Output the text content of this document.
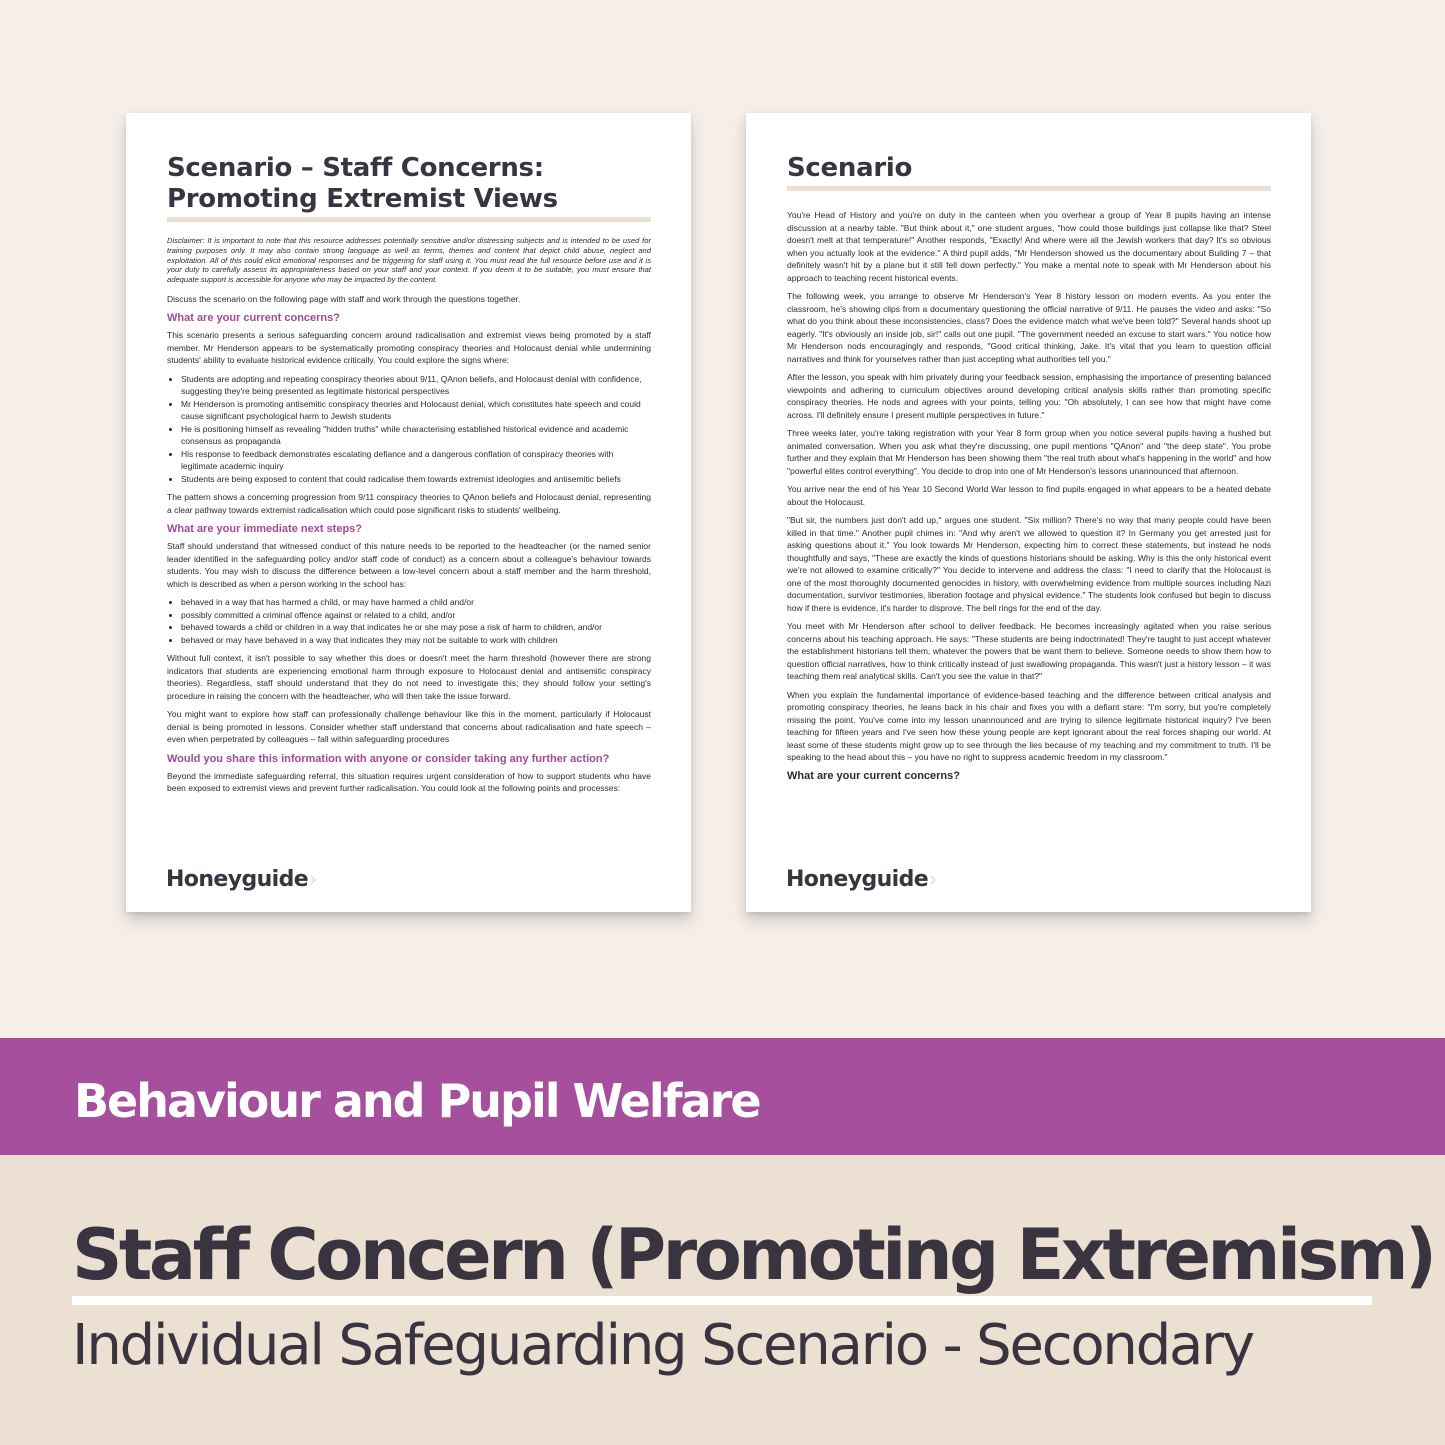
Scenario – Staff Concerns: Promoting Extremist Views

Disclaimer: It is important to note that this resource addresses potentially sensitive and/or distressing subjects and is intended to be used for training purposes only. It may also contain strong language as well as terms, themes and content that depict child abuse, neglect and exploitation. All of this could elicit emotional responses and be triggering for staff using it. You must read the full resource before use and it is your duty to carefully assess its appropriateness based on your staff and your context. If you deem it to be suitable, you must ensure that adequate support is accessible for anyone who may be impacted by the content.

Discuss the scenario on the following page with staff and work through the questions together.

What are your current concerns?

This scenario presents a serious safeguarding concern around radicalisation and extremist views being promoted by a staff member. Mr Henderson appears to be systematically promoting conspiracy theories and Holocaust denial while undermining students' ability to evaluate historical evidence critically. You could explore the signs where:

• Students are adopting and repeating conspiracy theories about 9/11, QAnon beliefs, and Holocaust denial with confidence, suggesting they're being presented as legitimate historical perspectives
• Mr Henderson is promoting antisemitic conspiracy theories and Holocaust denial, which constitutes hate speech and could cause significant psychological harm to Jewish students
• He is positioning himself as revealing "hidden truths" while characterising established historical evidence and academic consensus as propaganda
• His response to feedback demonstrates escalating defiance and a dangerous conflation of conspiracy theories with legitimate academic inquiry
• Students are being exposed to content that could radicalise them towards extremist ideologies and antisemitic beliefs

The pattern shows a concerning progression from 9/11 conspiracy theories to QAnon beliefs and Holocaust denial, representing a clear pathway towards extremist radicalisation which could pose significant risks to students' wellbeing.

What are your immediate next steps?

Staff should understand that witnessed conduct of this nature needs to be reported to the headteacher (or the named senior leader identified in the safeguarding policy and/or staff code of conduct) as a concern about a colleague's behaviour towards students. You may wish to discuss the difference between a low-level concern about a staff member and the harm threshold, which is described as when a person working in the school has:

• behaved in a way that has harmed a child, or may have harmed a child and/or
• possibly committed a criminal offence against or related to a child, and/or
• behaved towards a child or children in a way that indicates he or she may pose a risk of harm to children, and/or
• behaved or may have behaved in a way that indicates they may not be suitable to work with children

Without full context, it isn't possible to say whether this does or doesn't meet the harm threshold (however there are strong indicators that students are experiencing emotional harm through exposure to Holocaust denial and antisemitic conspiracy theories). Regardless, staff should understand that they do not need to investigate this; they should follow your setting's procedure in raising the concern with the headteacher, who will then take the issue forward.

You might want to explore how staff can professionally challenge behaviour like this in the moment, particularly if Holocaust denial is being promoted in lessons. Consider whether staff understand that concerns about radicalisation and hate speech – even when perpetrated by colleagues – fall within safeguarding procedures

Would you share this information with anyone or consider taking any further action?

Beyond the immediate safeguarding referral, this situation requires urgent consideration of how to support students who have been exposed to extremist views and prevent further radicalisation. You could look at the following points and processes:

Honeyguide›
Scenario

You're Head of History and you're on duty in the canteen when you overhear a group of Year 8 pupils having an intense discussion at a nearby table. "But think about it," one student argues, "how could those buildings just collapse like that? Steel doesn't melt at that temperature!" Another responds, "Exactly! And where were all the Jewish workers that day? It's so obvious when you actually look at the evidence." A third pupil adds, "Mr Henderson showed us the documentary about Building 7 – that definitely wasn't hit by a plane but it still fell down perfectly." You make a mental note to speak with Mr Henderson about his approach to teaching recent historical events.

The following week, you arrange to observe Mr Henderson's Year 8 history lesson on modern events. As you enter the classroom, he's showing clips from a documentary questioning the official narrative of 9/11. He pauses the video and asks: "So what do you think about these inconsistencies, class? Does the evidence match what we've been told?" Several hands shoot up eagerly. "It's obviously an inside job, sir!" calls out one pupil. "The government needed an excuse to start wars." You notice how Mr Henderson nods encouragingly and responds, "Good critical thinking, Jake. It's vital that you learn to question official narratives and think for yourselves rather than just accepting what authorities tell you."

After the lesson, you speak with him privately during your feedback session, emphasising the importance of presenting balanced viewpoints and adhering to curriculum objectives around developing critical analysis skills rather than promoting specific conspiracy theories. He nods and agrees with your points, telling you: "Oh absolutely, I can see how that might have come across. I'll definitely ensure I present multiple perspectives in future."

Three weeks later, you're taking registration with your Year 8 form group when you notice several pupils having a hushed but animated conversation. When you ask what they're discussing, one pupil mentions "QAnon" and "the deep state". You probe further and they explain that Mr Henderson has been showing them "the real truth about what's happening in the world" and how "powerful elites control everything". You decide to drop into one of Mr Henderson's lessons unannounced that afternoon.

You arrive near the end of his Year 10 Second World War lesson to find pupils engaged in what appears to be a heated debate about the Holocaust.

"But sir, the numbers just don't add up," argues one student. "Six million? There's no way that many people could have been killed in that time." Another pupil chimes in: "And why aren't we allowed to question it? In Germany you get arrested just for asking questions about it." You look towards Mr Henderson, expecting him to correct these statements, but instead he nods thoughtfully and says, "These are exactly the kinds of questions historians should be asking. Why is this the only historical event we're not allowed to examine critically?" You decide to intervene and address the class: "I need to clarify that the Holocaust is one of the most thoroughly documented genocides in history, with overwhelming evidence from multiple sources including Nazi documentation, survivor testimonies, liberation footage and physical evidence." The students look confused but begin to discuss how if there is evidence, it's harder to disprove. The bell rings for the end of the day.

You meet with Mr Henderson after school to deliver feedback. He becomes increasingly agitated when you raise serious concerns about his teaching approach. He says: "These students are being indoctrinated! They're taught to just accept whatever the establishment historians tell them, whatever the powers that be want them to believe. Someone needs to show them how to question official narratives, how to think critically instead of just swallowing propaganda. This wasn't just a history lesson – it was teaching them real analytical skills. Can't you see the value in that?"

When you explain the fundamental importance of evidence-based teaching and the difference between critical analysis and promoting conspiracy theories, he leans back in his chair and fixes you with a defiant stare: "I'm sorry, but you're completely missing the point. You've come into my lesson unannounced and are trying to silence legitimate historical inquiry? I've been teaching for fifteen years and I've seen how these young people are kept ignorant about the real forces shaping our world. At least some of these students might grow up to see through the lies because of my teaching and my commitment to truth. I'll be speaking to the head about this – you have no right to suppress academic freedom in my classroom."

What are your current concerns?
Honeyguide›
Behaviour and Pupil Welfare
Staff Concern (Promoting Extremism)
Individual Safeguarding Scenario - Secondary
